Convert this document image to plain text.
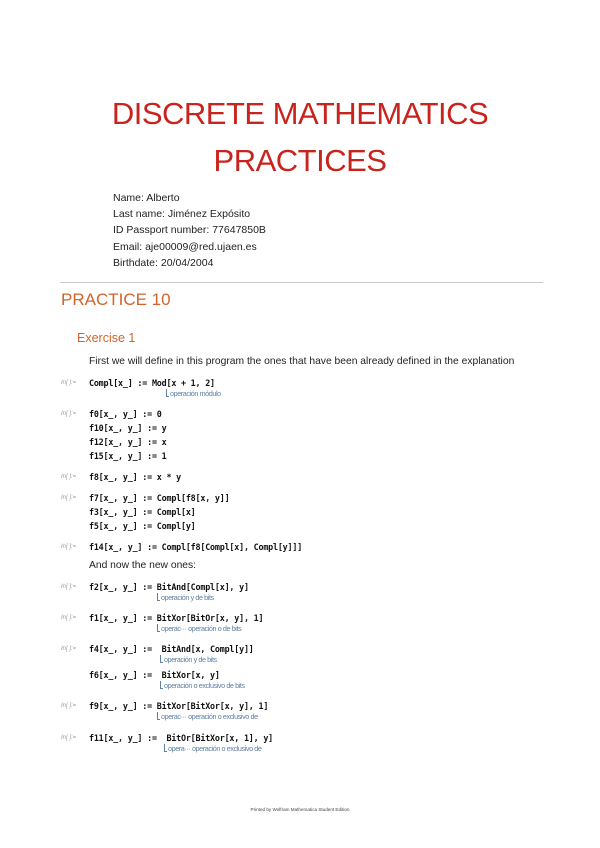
DISCRETE MATHEMATICS
PRACTICES
Name: Alberto
Last name: Jiménez Expósito
ID Passport number: 77647850B
Email: aje00009@red.ujaen.es
Birthdate: 20/04/2004
PRACTICE 10
Exercise 1
First we will define in this program the ones that have been already defined in the explanation
In[ ]:= Compl[x_] := Mod[x + 1, 2]
operación módulo
In[ ]:= f0[x_, y_] := 0
f10[x_, y_] := y
f12[x_, y_] := x
f15[x_, y_] := 1
In[ ]:= f8[x_, y_] := x * y
In[ ]:= f7[x_, y_] := Compl[f8[x, y]]
f3[x_, y_] := Compl[x]
f5[x_, y_] := Compl[y]
In[ ]:= f14[x_, y_] := Compl[f8[Compl[x], Compl[y]]]
And now the new ones:
In[ ]:= f2[x_, y_] := BitAnd[Compl[x], y]
operación y de bits
In[ ]:= f1[x_, y_] := BitXor[BitOr[x, y], 1]
operac··· operación o de bits
In[ ]:= f4[x_, y_] :=  BitAnd[x, Compl[y]]
operación y de bits
f6[x_, y_] :=  BitXor[x, y]
operación o exclusivo de bits
In[ ]:= f9[x_, y_] := BitXor[BitXor[x, y], 1]
operac··· operación o exclusivo de
In[ ]:= f11[x_, y_] :=  BitOr[BitXor[x, 1], y]
opera··· operación o exclusivo de
Printed by Wolfram Mathematica Student Edition
